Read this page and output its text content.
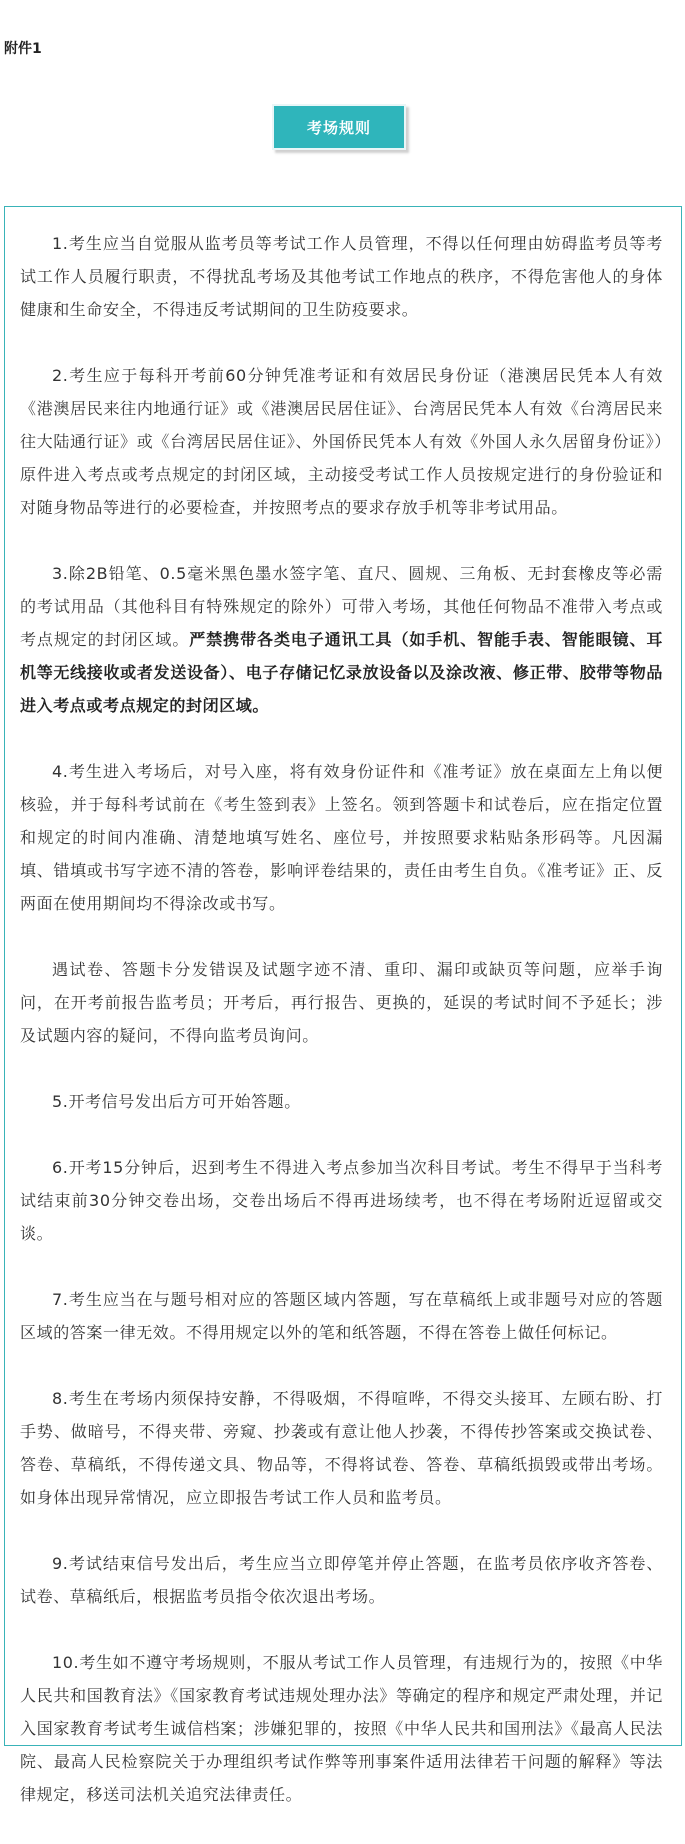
附件1
考场规则

1.考生应当自觉服从监考员等考试工作人员管理，不得以任何理由妨碍监考员等考试工作人员履行职责，不得扰乱考场及其他考试工作地点的秩序，不得危害他人的身体健康和生命安全，不得违反考试期间的卫生防疫要求。

2.考生应于每科开考前60分钟凭准考证和有效居民身份证（港澳居民凭本人有效《港澳居民来往内地通行证》或《港澳居民居住证》、台湾居民凭本人有效《台湾居民来往大陆通行证》或《台湾居民居住证》、外国侨民凭本人有效《外国人永久居留身份证》）原件进入考点或考点规定的封闭区域，主动接受考试工作人员按规定进行的身份验证和对随身物品等进行的必要检查，并按照考点的要求存放手机等非考试用品。

3.除2B铅笔、0.5毫米黑色墨水签字笔、直尺、圆规、三角板、无封套橡皮等必需的考试用品（其他科目有特殊规定的除外）可带入考场，其他任何物品不准带入考点或考点规定的封闭区域。严禁携带各类电子通讯工具（如手机、智能手表、智能眼镜、耳机等无线接收或者发送设备）、电子存储记忆录放设备以及涂改液、修正带、胶带等物品进入考点或考点规定的封闭区域。

4.考生进入考场后，对号入座，将有效身份证件和《准考证》放在桌面左上角以便核验，并于每科考试前在《考生签到表》上签名。领到答题卡和试卷后，应在指定位置和规定的时间内准确、清楚地填写姓名、座位号，并按照要求粘贴条形码等。凡因漏填、错填或书写字迹不清的答卷，影响评卷结果的，责任由考生自负。《准考证》正、反两面在使用期间均不得涂改或书写。

遇试卷、答题卡分发错误及试题字迹不清、重印、漏印或缺页等问题，应举手询问，在开考前报告监考员；开考后，再行报告、更换的，延误的考试时间不予延长；涉及试题内容的疑问，不得向监考员询问。

5.开考信号发出后方可开始答题。

6.开考15分钟后，迟到考生不得进入考点参加当次科目考试。考生不得早于当科考试结束前30分钟交卷出场，交卷出场后不得再进场续考，也不得在考场附近逗留或交谈。

7.考生应当在与题号相对应的答题区域内答题，写在草稿纸上或非题号对应的答题区域的答案一律无效。不得用规定以外的笔和纸答题，不得在答卷上做任何标记。

8.考生在考场内须保持安静，不得吸烟，不得喧哗，不得交头接耳、左顾右盼、打手势、做暗号，不得夹带、旁窥、抄袭或有意让他人抄袭，不得传抄答案或交换试卷、答卷、草稿纸，不得传递文具、物品等，不得将试卷、答卷、草稿纸损毁或带出考场。如身体出现异常情况，应立即报告考试工作人员和监考员。

9.考试结束信号发出后，考生应当立即停笔并停止答题，在监考员依序收齐答卷、试卷、草稿纸后，根据监考员指令依次退出考场。

10.考生如不遵守考场规则，不服从考试工作人员管理，有违规行为的，按照《中华人民共和国教育法》《国家教育考试违规处理办法》等确定的程序和规定严肃处理，并记入国家教育考试考生诚信档案；涉嫌犯罪的，按照《中华人民共和国刑法》《最高人民法院、最高人民检察院关于办理组织考试作弊等刑事案件适用法律若干问题的解释》等法律规定，移送司法机关追究法律责任。
